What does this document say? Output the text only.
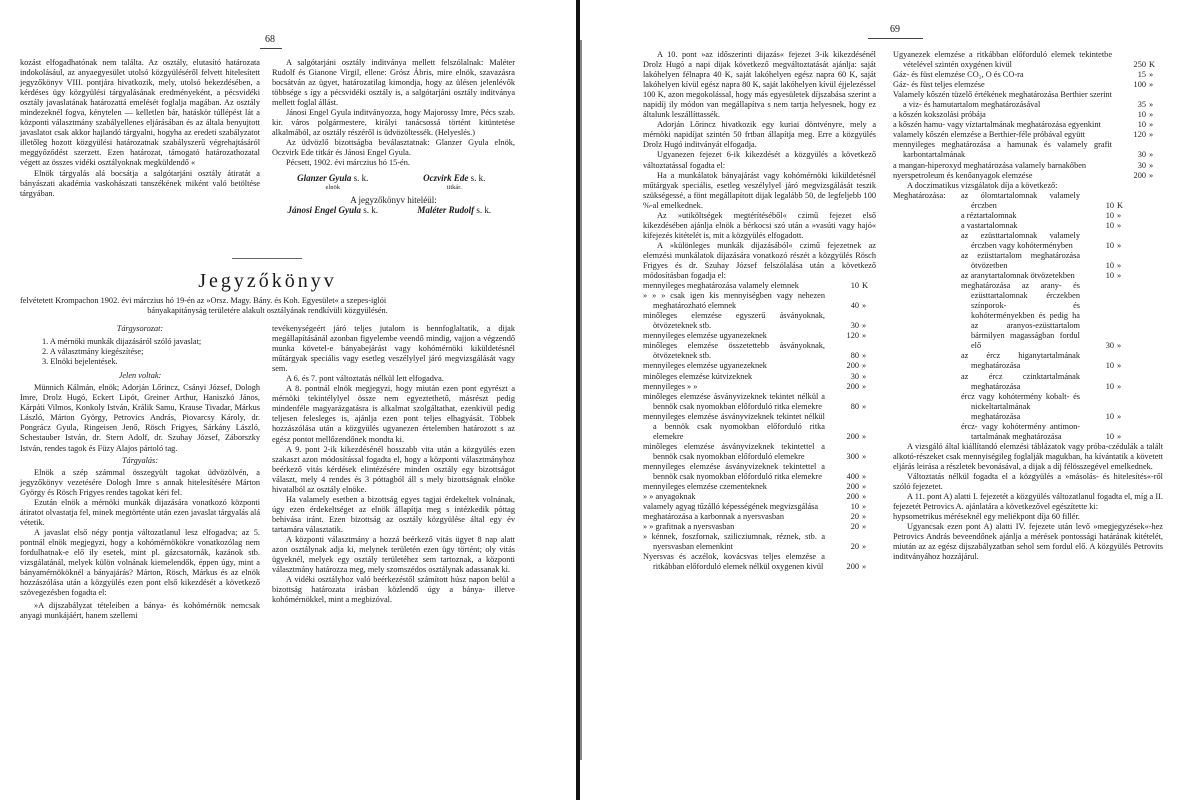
68

kozást elfogadhatónak nem találta. Az osztály, elutasító határozata indokolásául, az anyaegyesület utolsó közgyüléséről felvett hitelesített jegyzőkönyv VIII. pontjára hivatkozik, mely, utolsó bekezdésében, a kérdéses ügy közgyülési tárgyalásának eredményeként, a pécsvidéki osztály javaslatának határozattá emelését foglalja magában. Az osztály mindezeknél fogva, kénytelen — kelletlen bár, hatáskör túllépést lát a központi választmány szabályellenes eljárásában és az általa benyujtott javaslatot csak akkor hajlandó tárgyalni, hogyha az eredeti szabályzatot illetőleg hozott közgyülési határozatnak szabályszerű végrehajtásáról meggyőződést szerzett. Ezen határozat, támogató határozathozatal végett az összes vidéki osztályoknak megküldendő «

Elnök tárgyalás alá bocsátja a salgótarjáni osztály átiratát a bányászati akadémia vaskohászati tanszékének miként való betöltése tárgyában.

A salgótarjáni osztály inditványa mellett felszólalnak: Maléter Rudolf és Gianone Virgil, ellene: Grósz Ábris, mire elnök, szavazásra bocsátván az ügyet, határozatilag kimondja, hogy az ülésen jelenlévők többsége s így a pécsvidéki osztály is, a salgótarjáni osztály inditványa mellett foglal állást.

Jánosi Engel Gyula inditványozza, hogy Majorossy Imre, Pécs szab. kir. város polgármestere, királyi tanácsossá történt kitüntetése alkalmából, az osztály részéről is üdvözöltessék. (Helyeslés.)

Az üdvözlő bizottságba beválasztatnak: Glanzer Gyula elnök, Oczvirk Ede titkár és Jánosi Engel Gyula.

Pécsett, 1902. évi márczius hó 15-én.

Glanzer Gyula s. k.
elnök
Oczvirk Ede s. k.
titkár.
A jegyzőkönyv hiteléül:
Jánosi Engel Gyula s. k.	Maléter Rudolf s. k.
Jegyzőkönyv
felvétetett Krompachon 1902. évi márczius hó 19-én az »Orsz. Magy. Bány. és Koh. Egyesület« a szepes-iglói
bányakapitányság területére alakult osztályának rendkívüli közgyülésén.

Tárgysorozat:

1. A mérnöki munkák dijazásáról szóló javaslat;

2. A választmány kiegészítése;

3. Elnöki bejelentések.

Jelen voltak:

Münnich Kálmán, elnök; Adorján Lőrincz, Csányi József, Dologh Imre, Drolz Hugó, Eckert Lipót, Greiner Arthur, Haniszkó János, Kárpáti Vilmos, Konkoly István, Králik Samu, Krause Tivadar, Márkus László, Márton György, Petrovics András, Piovarcsy Károly, dr. Pongrácz Gyula, Ringeisen Jenő, Rösch Frigyes, Sárkány László, Schestauber István, dr. Stern Adolf, dr. Szuhay József, Záborszky István, rendes tagok és Füzy Alajos pártoló tag.

Tárgyalás:

Elnök a szép számmal összegyült tagokat üdvözölvén, a jegyzőkönyv vezetésére Dologh Imre s annak hitelesítésére Márton György és Rösch Frigyes rendes tagokat kéri fel.

Ezután elnök a mérnöki munkák dijazására vonatkozó központi átiratot olvastatja fel, minek megtörténte után ezen javaslat tárgyalás alá vétetik.

A javaslat első négy pontja változatlanul lesz elfogadva; az 5. pontnál elnök megjegyzi, hogy a kohómérnökökre vonatkozólag nem fordulhatnak-e elő ily esetek, mint pl. gázcsatornák, kazánok stb. vizsgálatánál, melyek külön volnának kiemelendők, éppen úgy, mint a bányamérnököknél a bányajárás? Márton, Rösch, Márkus és az elnök hozzászólása után a közgyülés ezen pont első kikezdését a következő szövegezésben fogadta el:

»A dijszabályzat tételeiben a bánya- és kohómérnök nemcsak anyagi munkájáért, hanem szellemi

tevékenységeért járó teljes jutalom is bennfoglaltatik, a dijak megállapításánál azonban figyelembe veendő mindig, vajjon a végzendő munka követel-e bányabejárást vagy kohómérnöki kiküldetésnél műtárgyak speciális vagy esetleg veszélylyel járó megvizsgálását vagy sem.

A 6. és 7. pont változtatás nélkül lett elfogadva.

A 8. pontnál elnök megjegyzi, hogy miután ezen pont egyrészt a mérnöki tekintélylyel össze nem egyeztethető, másrészt pedig mindenféle magyarázgatásra is alkalmat szolgáltathat, ezenkivül pedig teljesen felesleges is, ajánlja ezen pont teljes elhagyását. Többek hozzászólása után a közgyülés ugyanezen értelemben határozott s az egész pontot mellőzendőnek mondta ki.

A 9. pont 2-ik kikezdésénél hosszabb vita után a közgyülés ezen szakaszt azon módosítással fogadta el, hogy a központi választmányhoz beérkező vitás kérdések elintézésére minden osztály egy bizottságot választ, mely 4 rendes és 3 póttagból áll s mely bizottságnak elnöke hivatalból az osztály elnöke.

Ha valamely esetben a bizottság egyes tagjai érdekeltek volnának, úgy ezen érdekeltséget az elnök állapítja meg s intézkedik póttag behivása iránt. Ezen bizottság az osztály közgyülése által egy év tartamára választatik.

A központi választmány a hozzá beérkező vitás ügyet 8 nap alatt azon osztálynak adja ki, melynek területén ezen ügy történt; oly vitás ügyeknél, melyek egy osztály területéhez sem tartoznak, a központi választmány határozza meg, mely szomszédos osztálynak adassanak ki.

A vidéki osztályhoz való beérkezéstől számított húsz napon belül a bizottság határozata irásban közlendő úgy a bánya- illetve kohómérnökkel, mint a megbizóval.

69

A 10. pont »az időszerinti dijazás« fejezet 3-ik kikezdésénél Drolz Hugó a napi dijak következő megváltoztatását ajánlja: saját lakóhelyen félnapra 40 K, saját lakóhelyen egész napra 60 K, saját lakóhelyen kívül egész napra 80 K, saját lakóhelyen kívül éjjelezéssel 100 K, azon megokolással, hogy más egyesületek díjszabása szerint a napidíj ily módon van megállapítva s nem tartja helyesnek, hogy ez általunk leszállíttassék.

Adorján Lőrincz hivatkozik egy kuriai döntvényre, mely a mérnöki napidíjat szintén 50 frtban állapítja meg. Erre a közgyülés Drolz Hugó inditványát elfogadja.

Ugyanezen fejezet 6-ik kikezdését a közgyülés a következő változtatással fogadta el:

Ha a munkálatok bányajárást vagy kohómérnöki kiküldetésnél műtárgyak speciális, esetleg veszélylyel járó megvizsgálását teszik szükségessé, a fönt megállapított dijak legalább 50, de legfeljebb 100 %-al emelkednek.

Az »utiköltségek megtérítéséből« czimű fejezet első kikezdésében ajánlja elnök a bérkocsi szó után a »vasúti vagy hajó« kifejezés kitételét is, mit a közgyülés elfogadott.

A »különleges munkák dijazásából« czimű fejezetnek az elemzési munkálatok díjazására vonatkozó részét a közgyülés Rösch Frigyes és dr. Szuhay József felszólalása után a következő módosításban fogadja el:

mennyileges meghatározása valamely elemnek	10 K
» » » csak igen kis mennyiségben vagy nehezen meghatározható elemnek	40 »
minőleges elemzése egyszerű ásványoknak, ötvözeteknek stb.	30 »
mennyileges elemzése ugyanezeknek	120 »
minőleges elemzése összetettebb ásványoknak, ötvözeteknek stb.	80 »
mennyileges elemzése ugyanezeknek	200 »
minőleges elemzése kútvizeknek	30 »
mennyileges » »	200 »
minőleges elemzése ásványvizeknek tekintet nélkül a bennök csak nyomokban előforduló ritka elemekre	80 »
mennyileges elemzése ásványvizeknek tekintet nélkül a bennök csak nyomokban előforduló ritka elemekre	200 »
minőleges elemzése ásványvizeknek tekintettel a bennök csak nyomokban előforduló elemekre	300 »
mennyileges elemzése ásványvizeknek tekintettel a bennök csak nyomokban előforduló ritka elemekre	400 »
mennyileges elemzése czementeknek	200 »
» » anyagoknak	200 »
valamely agyag tűzálló képességének megvizsgálása	10 »
meghatározása a karbonnak a nyersvasban	20 »
» » grafitnak a nyersvasban	20 »
» kénnek, foszfornak, szilicziumnak, réznek, stb. a nyersvasban elemenkint	20 »
Nyersvas és aczélok, kovácsvas teljes elemzése a ritkábban előforduló elemek nélkül oxygenen kivül	200 »
Ugyanezek elemzése a ritkábban előforduló elemek tekintetbe vételével szintén oxygénen kivül	250 K
Gáz- és füst elemzése CO₂, O és CO-ra	15 »
Gáz- és füst teljes elemzése	100 »
Valamely kőszén tüzelő értékének meghatározása Berthier szerint a viz- és hamutartalom meghatározásával	35 »
a kőszén kokszolási próbája	10 »
a kőszén hamu- vagy víztartalmának meghatározása egyenkint	10 »
valamely kőszén elemzése a Berthier-féle próbával együtt	120 »
mennyileges meghatározása a hamunak és valamely grafit karbontartalmának	30 »
a mangan-hiperoxyd meghatározása valamely barnakőben	30 »
nyerspetroleum és kenőanyagok elemzése	200 »

A doczimatikus vizsgálatok díja a következő:

Meghatározása:	az ólomtartalomnak valamely érczben	10 K
a réztartalomnak	10 »
a vastartalomnak	10 »
az ezüsttartalomnak valamely érczben vagy kohóterményben	10 »
az ezüsttartalom meghatározása ötvözetben	10 »
az aranytartalomnak ötvözetekben	10 »
meghatározása az arany- és ezüsttartalomnak érczekben színporok- és kohóterményekben és pedig ha az aranyos-ezüsttartalom bármilyen magasságban fordul elő	30 »
az ércz higanytartalmának meghatározása	10 »
az ércz czinktartalmának meghatározása	10 »
ércz vagy kohótermény kobalt- és nickeltartalmának meghatározása	10 »
ércz- vagy kohótermény antimon-tartalmának meghatározása	10 »

A vizsgáló által kiállítandó elemzési táblázatok vagy próba-czédulák a talált alkotó-részeket csak mennyiségileg foglalják magukban, ha kívántatik a követett eljárás leirása a részletek bevonásával, a dijak a díj félösszegével emelkednek.

Változtatás nélkül fogadta el a közgyülés a »másolás- és hitelesítés«-ről szóló fejezetet.

A 11. pont A) alatti I. fejezetét a közgyülés változatlanul fogadta el, míg a II. fejezetét Petrovics A. ajánlatára a következővel egészítette ki:

hypsometrikus méréseknél egy meliékpont díja 60 fillér.

Ugyancsak ezen pont A) alatti IV. fejezete után levő »megjegyzések«-hez Petrovics András beveendőnek ajánlja a mérések pontossági határának kitételét, miután az az egész dijszabályzatban sehol sem fordul elő. A közgyülés Petrovits inditványához hozzájárul.
